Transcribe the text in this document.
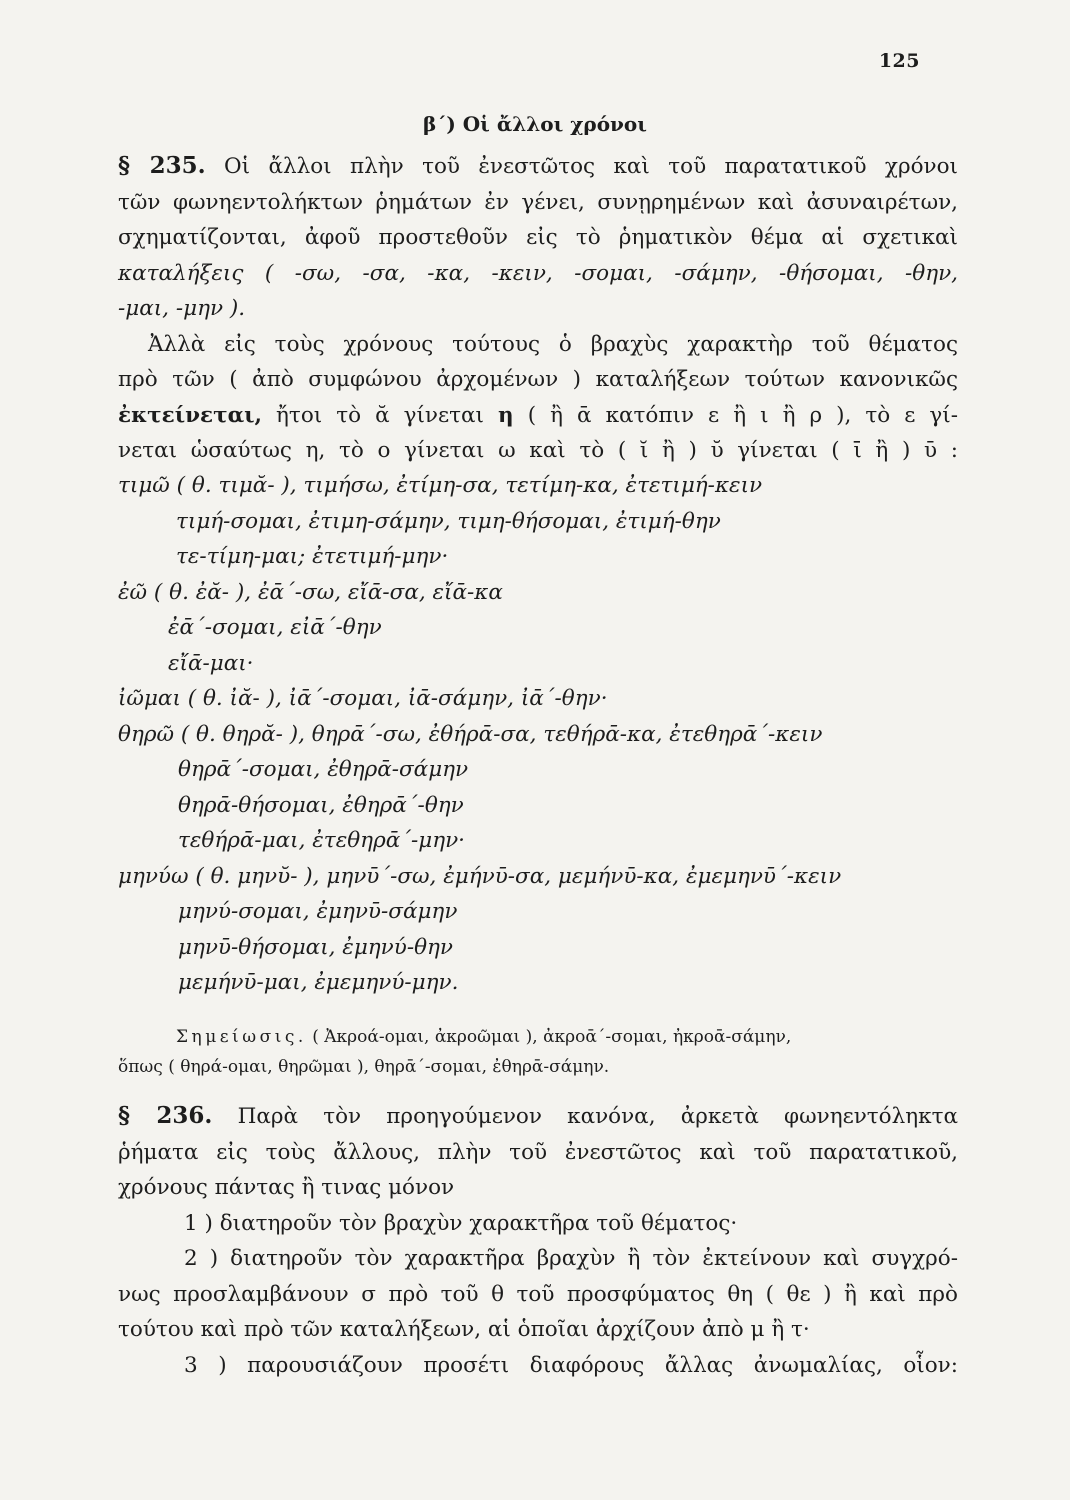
125
β΄) Οἱ ἄλλοι χρόνοι
§ 235. Οἱ ἄλλοι πλὴν τοῦ ἐνεστῶτος καὶ τοῦ παρατατικοῦ χρόνοι
τῶν φωνηεντολήκτων ῥημάτων ἐν γένει, συνῃρημένων καὶ ἀσυναιρέτων,
σχηματίζονται, ἀφοῦ προστεθοῦν εἰς τὸ ῥηματικὸν θέμα αἱ σχετικαὶ
καταλήξεις ( -σω, -σα, -κα, -κειν, -σομαι, -σάμην, -θήσομαι, -θην,
-μαι, -μην ).
Ἀλλὰ εἰς τοὺς χρόνους τούτους ὁ βραχὺς χαρακτὴρ τοῦ θέματος
πρὸ τῶν ( ἀπὸ συμφώνου ἀρχομένων ) καταλήξεων τούτων κανονικῶς
ἐκτείνεται, ἤτοι τὸ ᾰ γίνεται η ( ἢ ᾱ κατόπιν ε ἢ ι ἢ ρ ), τὸ ε γί-
νεται ὡσαύτως η, τὸ ο γίνεται ω καὶ τὸ ( ῐ ἢ ) ῠ γίνεται ( ῑ ἢ ) ῡ :
τιμῶ ( θ. τιμᾰ- ), τιμήσω, ἐτίμη-σα, τετίμη-κα, ἐτετιμή-κειν
τιμή-σομαι, ἐτιμη-σάμην, τιμη-θήσομαι, ἐτιμή-θην
τε-τίμη-μαι; ἐτετιμή-μην·
ἐῶ ( θ. ἐᾰ- ), ἐᾱ΄-σω, εἴᾱ-σα, εἴᾱ-κα
ἐᾱ΄-σομαι, εἰᾱ΄-θην
εἴᾱ-μαι·
ἰῶμαι ( θ. ἰᾰ- ), ἰᾱ΄-σομαι, ἰᾱ-σάμην, ἰᾱ΄-θην·
θηρῶ ( θ. θηρᾰ- ), θηρᾱ΄-σω, ἐθήρᾱ-σα, τεθήρᾱ-κα, ἐτεθηρᾱ΄-κειν
θηρᾱ΄-σομαι, ἐθηρᾱ-σάμην
θηρᾱ-θήσομαι, ἐθηρᾱ΄-θην
τεθήρᾱ-μαι, ἐτεθηρᾱ΄-μην·
μηνύω ( θ. μηνῠ- ), μηνῡ΄-σω, ἐμήνῡ-σα, μεμήνῡ-κα, ἐμεμηνῡ΄-κειν
μηνύ-σομαι, ἐμηνῡ-σάμην
μηνῡ-θήσομαι, ἐμηνύ-θην
μεμήνῡ-μαι, ἐμεμηνύ-μην.
Σημείωσις. ( Ἀκροά-ομαι, ἀκροῶμαι ), ἀκροᾱ΄-σομαι, ἠκροᾱ-σάμην,
ὅπως ( θηρά-ομαι, θηρῶμαι ), θηρᾱ΄-σομαι, ἐθηρᾱ-σάμην.
§ 236. Παρὰ τὸν προηγούμενον κανόνα, ἀρκετὰ φωνηεντόληκτα
ῥήματα εἰς τοὺς ἄλλους, πλὴν τοῦ ἐνεστῶτος καὶ τοῦ παρατατικοῦ,
χρόνους πάντας ἢ τινας μόνον
1 ) διατηροῦν τὸν βραχὺν χαρακτῆρα τοῦ θέματος·
2 ) διατηροῦν τὸν χαρακτῆρα βραχὺν ἢ τὸν ἐκτείνουν καὶ συγχρό-
νως προσλαμβάνουν σ πρὸ τοῦ θ τοῦ προσφύματος θη ( θε ) ἢ καὶ πρὸ
τούτου καὶ πρὸ τῶν καταλήξεων, αἱ ὁποῖαι ἀρχίζουν ἀπὸ μ ἢ τ·
3 ) παρουσιάζουν προσέτι διαφόρους ἄλλας ἀνωμαλίας, οἷον:
